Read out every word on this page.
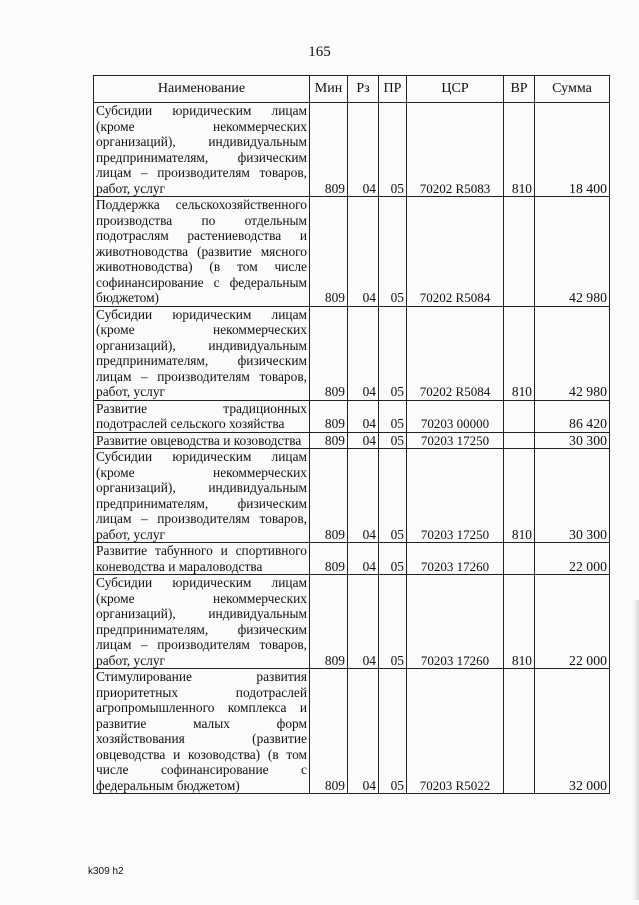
165
Наименование	Мин	Рз	ПР	ЦСР	ВР	Сумма
Субсидии юридическим лицам (кроме некоммерческих организаций), индивидуальным предпринимателям, физическим лицам – производителям товаров, работ, услуг	809	04	05	70202 R5083	810	18 400
Поддержка сельскохозяйственного производства по отдельным подотраслям растениеводства и животноводства (развитие мясного животноводства) (в том числе софинансирование с федеральным бюджетом)	809	04	05	70202 R5084		42 980
Субсидии юридическим лицам (кроме некоммерческих организаций), индивидуальным предпринимателям, физическим лицам – производителям товаров, работ, услуг	809	04	05	70202 R5084	810	42 980
Развитие традиционных подотраслей сельского хозяйства	809	04	05	70203 00000		86 420
Развитие овцеводства и козоводства	809	04	05	70203 17250		30 300
Субсидии юридическим лицам (кроме некоммерческих организаций), индивидуальным предпринимателям, физическим лицам – производителям товаров, работ, услуг	809	04	05	70203 17250	810	30 300
Развитие табунного и спортивного коневодства и мараловодства	809	04	05	70203 17260		22 000
Субсидии юридическим лицам (кроме некоммерческих организаций), индивидуальным предпринимателям, физическим лицам – производителям товаров, работ, услуг	809	04	05	70203 17260	810	22 000
Стимулирование развития приоритетных подотраслей агропромышленного комплекса и развитие малых форм хозяйствования (развитие овцеводства и козоводства) (в том числе софинансирование с федеральным бюджетом)	809	04	05	70203 R5022		32 000
k309 h2
